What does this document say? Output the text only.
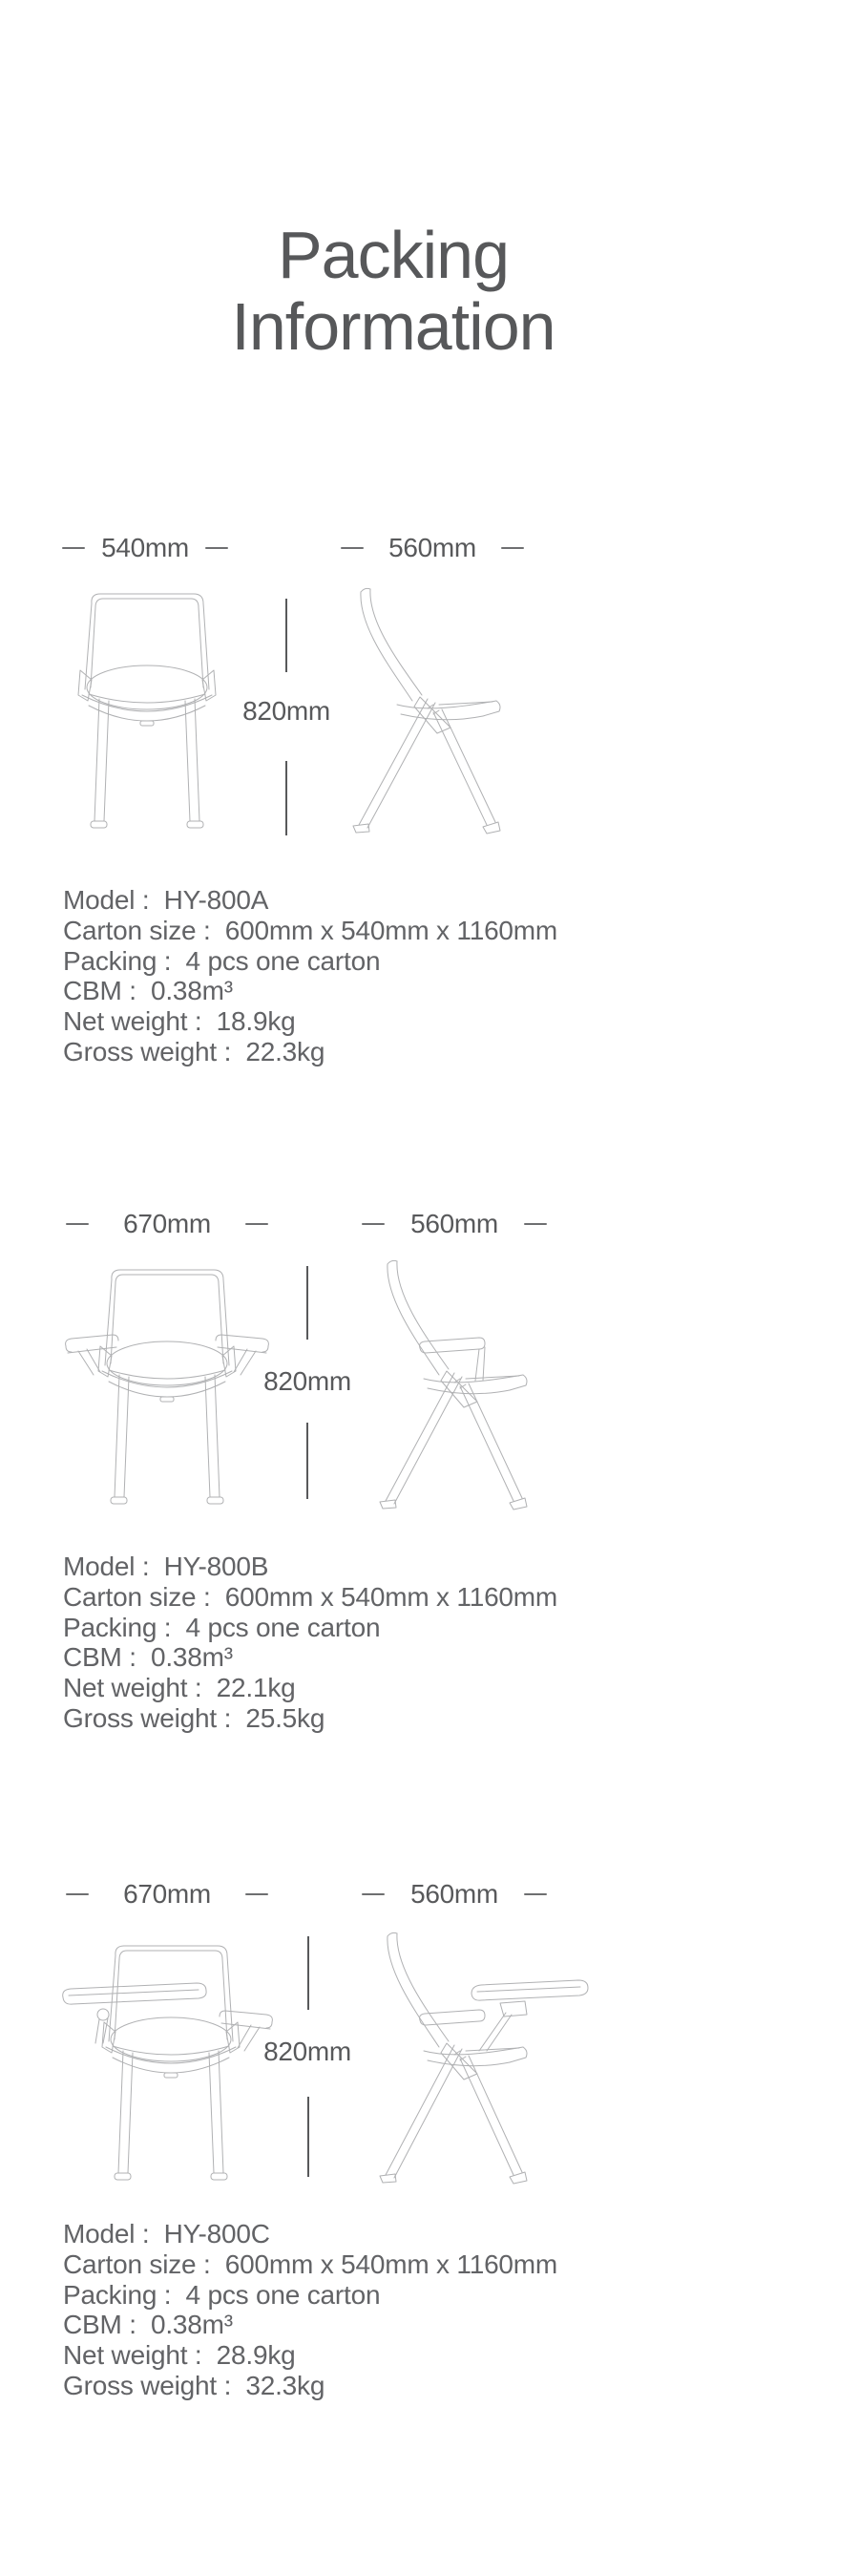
Packing
Information
540mm	560mm
820mm
Model :  HY-800A
Carton size :  600mm x 540mm x 1160mm
Packing :  4 pcs one carton
CBM :  0.38m³
Net weight :  18.9kg
Gross weight :  22.3kg
670mm	560mm
820mm
Model :  HY-800B
Carton size :  600mm x 540mm x 1160mm
Packing :  4 pcs one carton
CBM :  0.38m³
Net weight :  22.1kg
Gross weight :  25.5kg
670mm	560mm
820mm
Model :  HY-800C
Carton size :  600mm x 540mm x 1160mm
Packing :  4 pcs one carton
CBM :  0.38m³
Net weight :  28.9kg
Gross weight :  32.3kg
